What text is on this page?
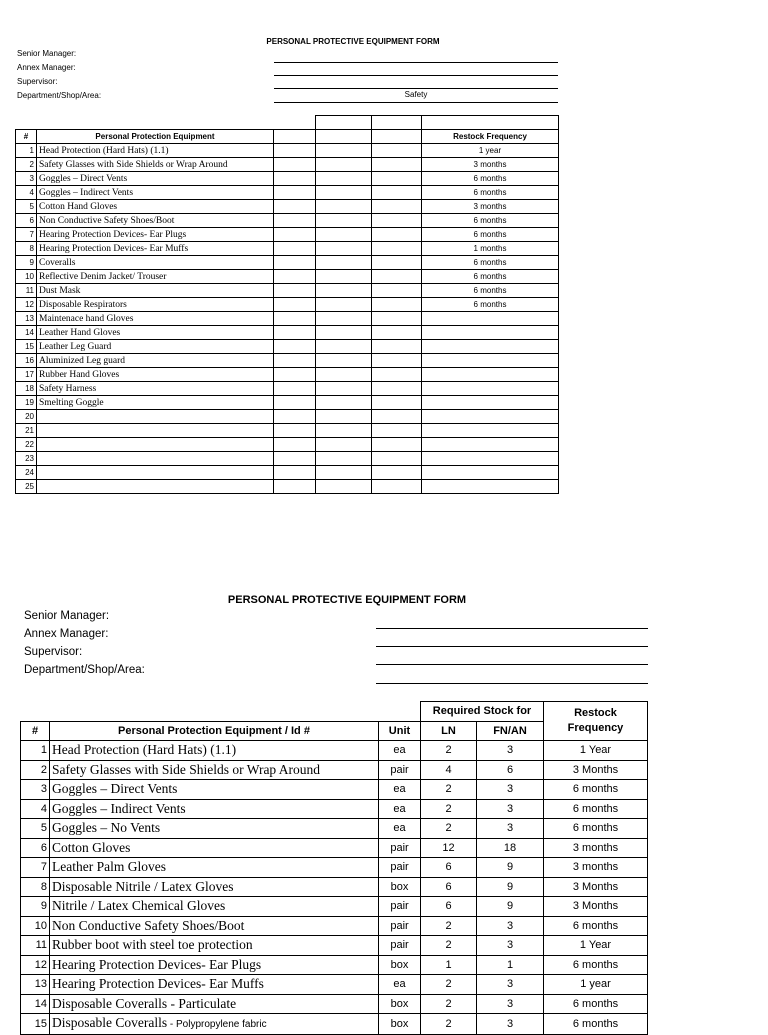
PERSONAL PROTECTIVE EQUIPMENT FORM
Senior Manager:
Annex Manager:
Supervisor:
Department/Shop/Area:	Safety

#	Personal Protection Equipment				Restock Frequency
1	Head Protection (Hard Hats) (1.1)				1 year
2	Safety Glasses with Side Shields or Wrap Around				3 months
3	Goggles – Direct Vents				6 months
4	Goggles – Indirect Vents				6 months
5	Cotton Hand Gloves				3 months
6	Non Conductive Safety Shoes/Boot				6 months
7	Hearing Protection Devices- Ear Plugs				6 months
8	Hearing Protection Devices- Ear Muffs				1 months
9	Coveralls				6 months
10	Reflective Denim Jacket/ Trouser				6 months
11	Dust Mask				6 months
12	Disposable Respirators				6 months
13	Maintenace hand Gloves				
14	Leather Hand Gloves				
15	Leather Leg Guard				
16	Aluminized Leg guard				
17	Rubber Hand Gloves				
18	Safety Harness				
19	Smelting Goggle				
20					
21					
22					
23					
24					
25					
PERSONAL PROTECTIVE EQUIPMENT FORM
Senior Manager:
Annex Manager:
Supervisor:
Department/Shop/Area:
			Required Stock for		Restock
Frequency
#	Personal Protection Equipment / Id #	Unit	LN	FN/AN	
1	Head Protection (Hard Hats) (1.1)	ea	2	3	1 Year
2	Safety Glasses with Side Shields or Wrap Around	pair	4	6	3 Months
3	Goggles – Direct Vents	ea	2	3	6 months
4	Goggles – Indirect Vents	ea	2	3	6 months
5	Goggles – No Vents	ea	2	3	6 months
6	Cotton Gloves	pair	12	18	3 months
7	Leather Palm Gloves	pair	6	9	3 months
8	Disposable Nitrile / Latex Gloves	box	6	9	3 Months
9	Nitrile / Latex Chemical Gloves	pair	6	9	3 Months
10	Non Conductive Safety Shoes/Boot	pair	2	3	6 months
11	Rubber boot with steel toe protection	pair	2	3	1 Year
12	Hearing Protection Devices- Ear Plugs	box	1	1	6 months
13	Hearing Protection Devices- Ear Muffs	ea	2	3	1 year
14	Disposable Coveralls - Particulate	box	2	3	6 months
15	Disposable Coveralls - Polypropylene fabric	box	2	3	6 months
